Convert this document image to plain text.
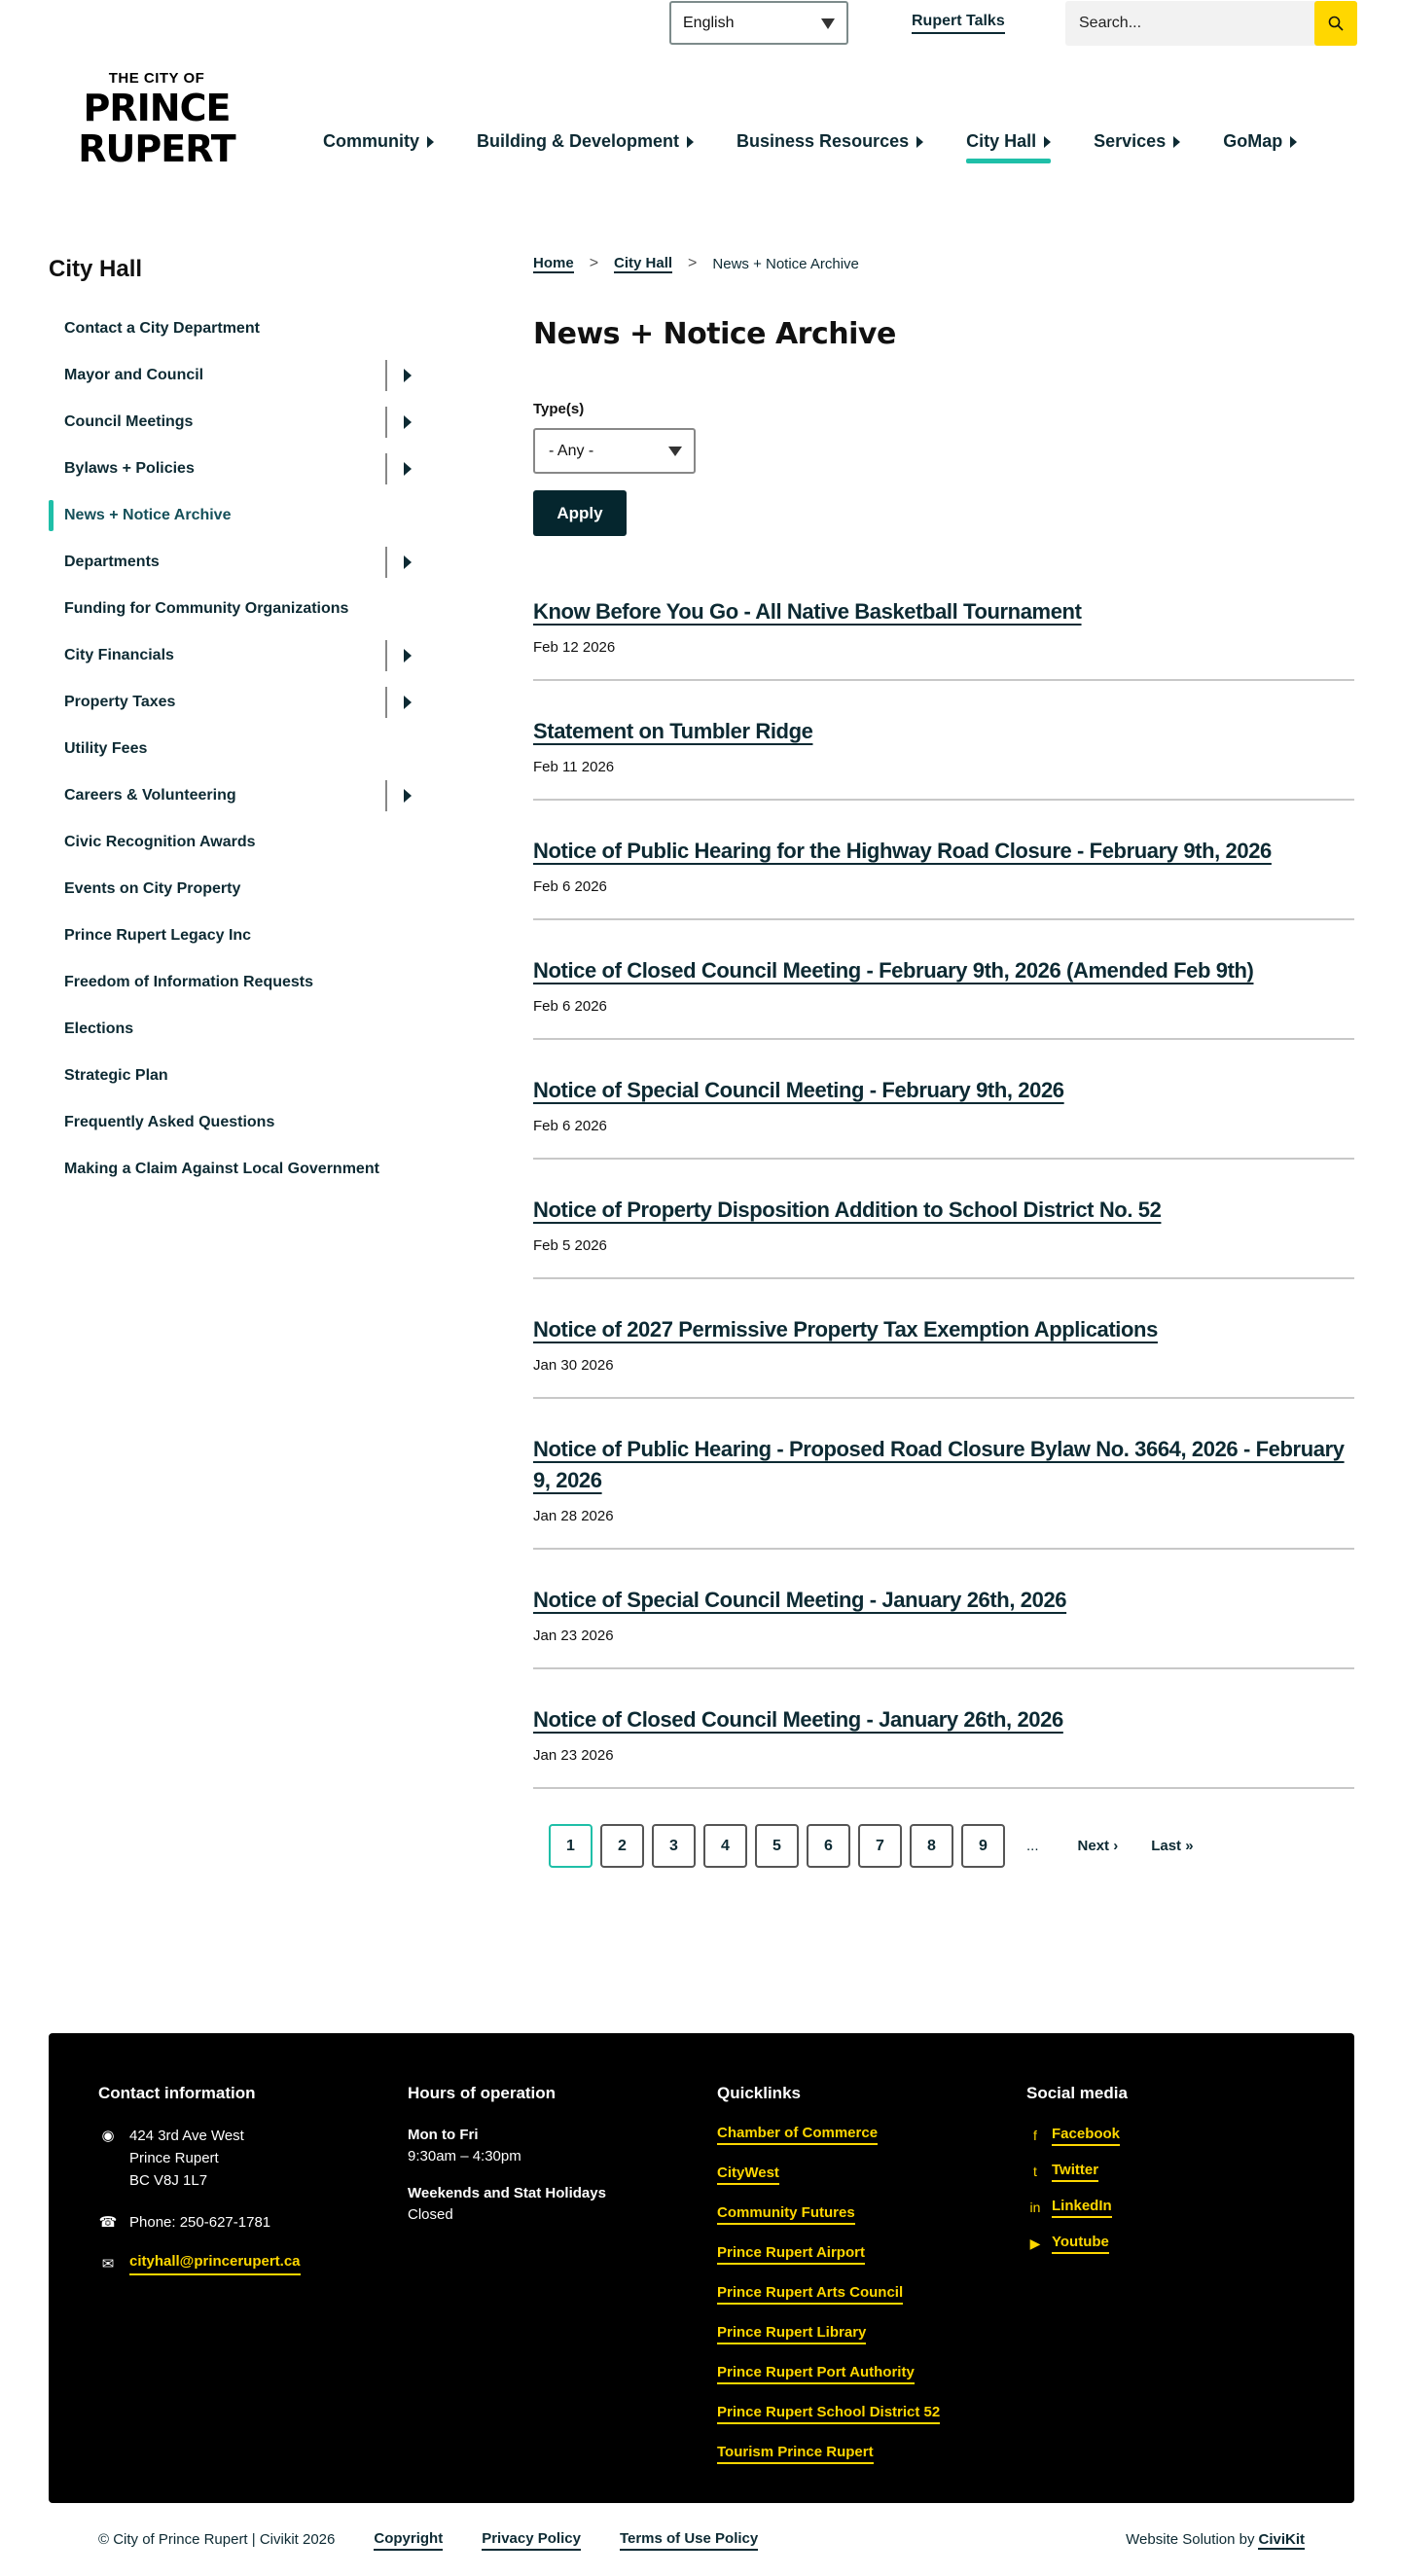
English	Rupert Talks
Search...
THE CITY OF
PRINCE
RUPERT	Community	Building & Development	Business Resources	City Hall	Services	GoMap
City Hall
Contact a City Department
Mayor and Council
Council Meetings
Bylaws + Policies
News + Notice Archive
Departments
Funding for Community Organizations
City Financials
Property Taxes
Utility Fees
Careers & Volunteering
Civic Recognition Awards
Events on City Property
Prince Rupert Legacy Inc
Freedom of Information Requests
Elections
Strategic Plan
Frequently Asked Questions
Making a Claim Against Local Government
Home > City Hall > News + Notice Archive
News + Notice Archive
Type(s)
- Any -
Apply
Know Before You Go - All Native Basketball Tournament
Feb 12 2026
Statement on Tumbler Ridge
Feb 11 2026
Notice of Public Hearing for the Highway Road Closure - February 9th, 2026
Feb 6 2026
Notice of Closed Council Meeting - February 9th, 2026 (Amended Feb 9th)
Feb 6 2026
Notice of Special Council Meeting - February 9th, 2026
Feb 6 2026
Notice of Property Disposition Addition to School District No. 52
Feb 5 2026
Notice of 2027 Permissive Property Tax Exemption Applications
Jan 30 2026
Notice of Public Hearing - Proposed Road Closure Bylaw No. 3664, 2026 - February 9, 2026
Jan 28 2026
Notice of Special Council Meeting - January 26th, 2026
Jan 23 2026
Notice of Closed Council Meeting - January 26th, 2026
Jan 23 2026
1	2	3	4	5	6	7	8	9	...	Next › Last »
Contact information
◉ 424 3rd Ave West
Prince Rupert
BC V8J 1L7
☎ Phone: 250-627-1781
✉ cityhall@princerupert.ca
Hours of operation
Mon to Fri
9:30am – 4:30pm
Weekends and Stat Holidays
Closed
Quicklinks
Chamber of Commerce
CityWest
Community Futures
Prince Rupert Airport
Prince Rupert Arts Council
Prince Rupert Library
Prince Rupert Port Authority
Prince Rupert School District 52
Tourism Prince Rupert
Social media
f	Facebook
t	Twitter
in LinkedIn
▶ Youtube
© City of Prince Rupert | Civikit 2026	Copyright	Privacy Policy	Terms of Use Policy	Website Solution by CiviKit
